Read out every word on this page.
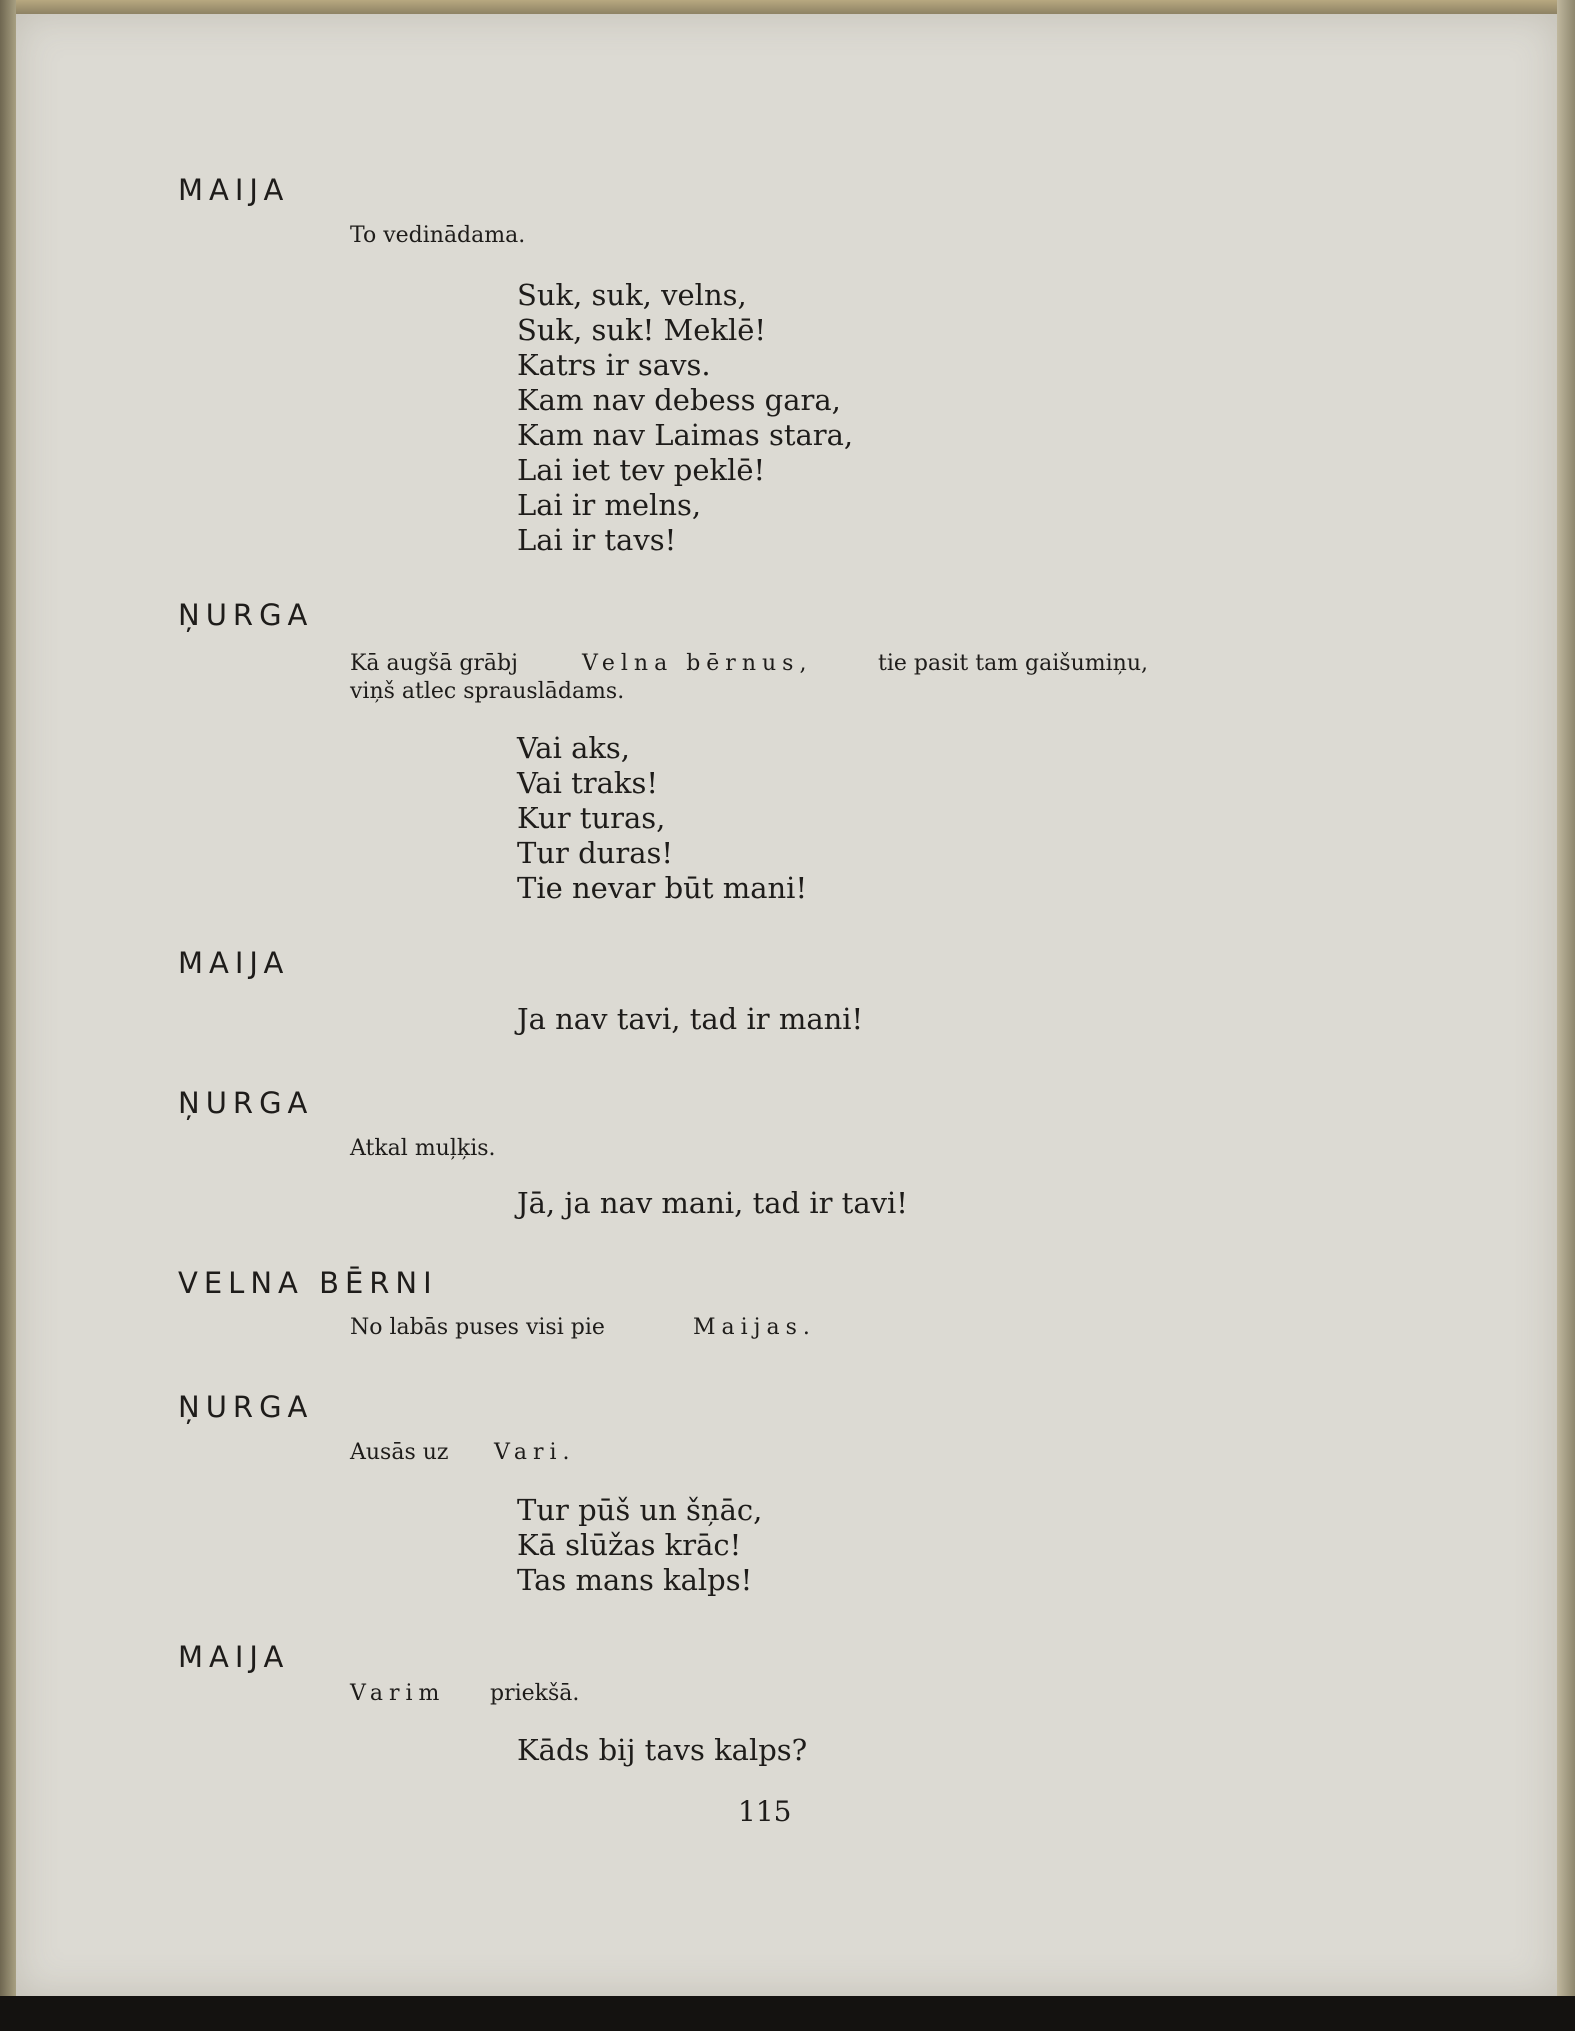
MAIJA
To vedinādama.
Suk, suk, velns,
Suk, suk! Meklē!
Katrs ir savs.
Kam nav debess gara,
Kam nav Laimas stara,
Lai iet tev peklē!
Lai ir melns,
Lai ir tavs!
ŅURGA
Kā augšā grābj	Velna bērnus,	tie pasit tam gaišumiņu,
viņš atlec sprauslādams.
Vai aks,
Vai traks!
Kur turas,
Tur duras!
Tie nevar būt mani!
MAIJA
Ja nav tavi, tad ir mani!
ŅURGA
Atkal muļķis.
Jā, ja nav mani, tad ir tavi!
VELNA BĒRNI
No labās puses visi pie	Maijas.
ŅURGA
Ausās uz Vari.
Tur pūš un šņāc,
Kā slūžas krāc!
Tas mans kalps!
MAIJA
Varim priekšā.
Kāds bij tavs kalps?
115
